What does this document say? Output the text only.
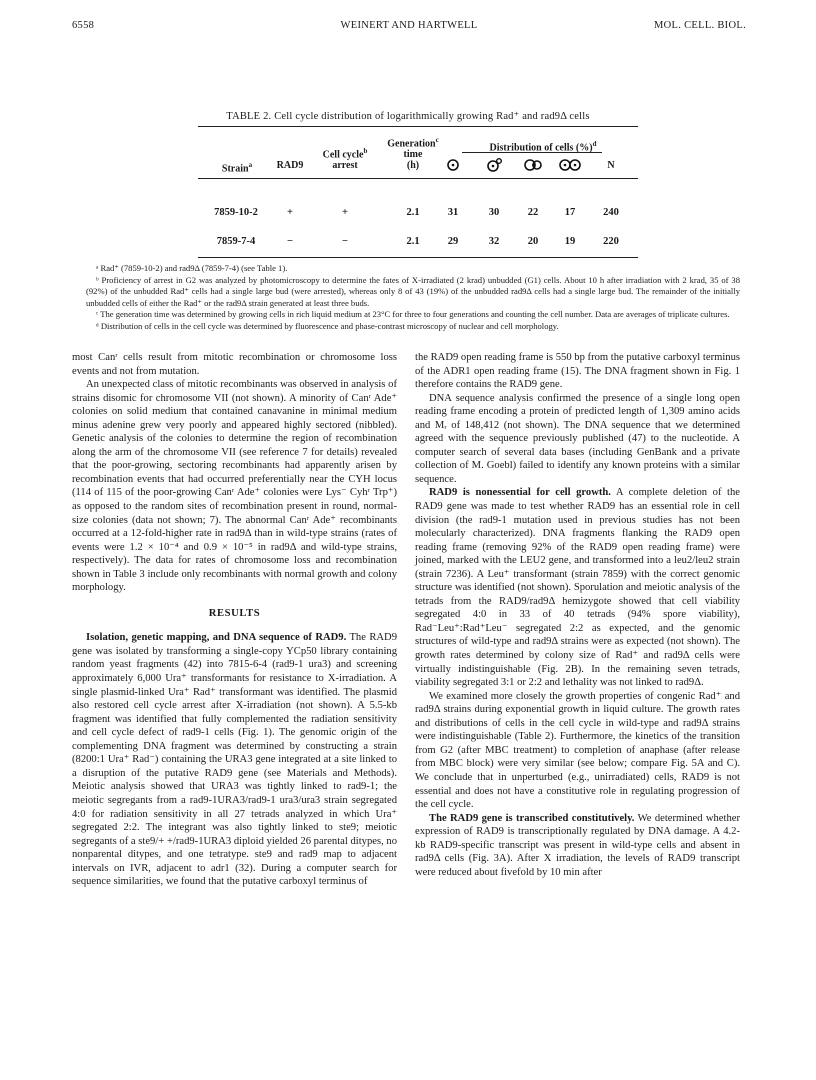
6558	WEINERT AND HARTWELL	MOL. CELL. BIOL.
TABLE 2. Cell cycle distribution of logarithmically growing Rad⁺ and rad9Δ cells
Strain$^a$	RAD9
Cell cycle$^b$
arrest
Generation$^c$
time
(h)
Distribution of cells (%)$^d$
N
7859-10-2	+	+	2.1	31	30	22	17	240
7859-7-4	−	−	2.1	29	32	20	19	220

ᵃ Rad⁺ (7859-10-2) and rad9Δ (7859-7-4) (see Table 1).

ᵇ Proficiency of arrest in G2 was analyzed by photomicroscopy to determine the fates of X-irradiated (2 krad) unbudded (G1) cells. About 10 h after irradiation with 2 krad, 35 of 38 (92%) of the unbudded Rad⁺ cells had a single large bud (were arrested), whereas only 8 of 43 (19%) of the unbudded rad9Δ cells had a single large bud. The remainder of the initially unbudded cells of either the Rad⁺ or the rad9Δ strain generated at least three buds.

ᶜ The generation time was determined by growing cells in rich liquid medium at 23°C for three to four generations and counting the cell number. Data are averages of triplicate cultures.

ᵈ Distribution of cells in the cell cycle was determined by fluorescence and phase-contrast microscopy of nuclear and cell morphology.

most Canʳ cells result from mitotic recombination or chromosome loss events and not from mutation.

An unexpected class of mitotic recombinants was observed in analysis of strains disomic for chromosome VII (not shown). A minority of Canʳ Ade⁺ colonies on solid medium that contained canavanine in minimal medium minus adenine grew very poorly and appeared highly sectored (nibbled). Genetic analysis of the colonies to determine the region of recombination along the arm of the chromosome VII (see reference 7 for details) revealed that the poor-growing, sectoring recombinants had apparently arisen by recombination events that had occurred preferentially near the CYH locus (114 of 115 of the poor-growing Canʳ Ade⁺ colonies were Lys⁻ Cyhʳ Trp⁺) as opposed to the random sites of recombination present in round, normal-size colonies (data not shown; 7). The abnormal Canʳ Ade⁺ recombinants occurred at a 12-fold-higher rate in rad9Δ than in wild-type strains (rates of events were 1.2 × 10⁻⁴ and 0.9 × 10⁻⁵ in rad9Δ and wild-type strains, respectively). The data for rates of chromosome loss and recombination shown in Table 3 include only recombinants with normal growth and colony morphology.

RESULTS

Isolation, genetic mapping, and DNA sequence of RAD9. The RAD9 gene was isolated by transforming a single-copy YCp50 library containing random yeast fragments (42) into 7815-6-4 (rad9-1 ura3) and screening approximately 6,000 Ura⁺ transformants for resistance to X-irradiation. A single plasmid-linked Ura⁺ Rad⁺ transformant was identified. The plasmid also restored cell cycle arrest after X-irradiation (not shown). A 5.5-kb fragment was identified that fully complemented the radiation sensitivity and cell cycle defect of rad9-1 cells (Fig. 1). The genomic origin of the complementing DNA fragment was determined by constructing a strain (8200:1 Ura⁺ Rad⁻) containing the URA3 gene integrated at a site linked to a disruption of the putative RAD9 gene (see Materials and Methods). Meiotic analysis showed that URA3 was tightly linked to rad9-1; the meiotic segregants from a rad9-1URA3/rad9-1 ura3/ura3 strain segregated 4:0 for radiation sensitivity in all 27 tetrads analyzed in which Ura⁺ segregated 2:2. The integrant was also tightly linked to ste9; meiotic segregants of a ste9/+ +/rad9-1URA3 diploid yielded 26 parental ditypes, no nonparental ditypes, and one tetratype. ste9 and rad9 map to adjacent intervals on IVR, adjacent to adr1 (32). During a computer search for sequence similarities, we found that the putative carboxyl terminus of

the RAD9 open reading frame is 550 bp from the putative carboxyl terminus of the ADR1 open reading frame (15). The DNA fragment shown in Fig. 1 therefore contains the RAD9 gene.

DNA sequence analysis confirmed the presence of a single long open reading frame encoding a protein of predicted length of 1,309 amino acids and Mᵣ of 148,412 (not shown). The DNA sequence that we determined agreed with the sequence previously published (47) to the nucleotide. A computer search of several data bases (including GenBank and a private collection of M. Goebl) failed to identify any known proteins with a similar sequence.

RAD9 is nonessential for cell growth. A complete deletion of the RAD9 gene was made to test whether RAD9 has an essential role in cell division (the rad9-1 mutation used in previous studies has not been molecularly characterized). DNA fragments flanking the RAD9 open reading frame (removing 92% of the RAD9 open reading frame) were joined, marked with the LEU2 gene, and transformed into a leu2/leu2 strain (strain 7236). A Leu⁺ transformant (strain 7859) with the correct genomic structure was identified (not shown). Sporulation and meiotic analysis of the tetrads from the RAD9/rad9Δ hemizygote showed that cell viability segregated 4:0 in 33 of 40 tetrads (94% spore viability), Rad⁻Leu⁺:Rad⁺Leu⁻ segregated 2:2 as expected, and the genomic structures of wild-type and rad9Δ strains were as expected (not shown). The growth rates determined by colony size of Rad⁺ and rad9Δ cells were virtually indistinguishable (Fig. 2B). In the remaining seven tetrads, viability segregated 3:1 or 2:2 and lethality was not linked to rad9Δ.

We examined more closely the growth properties of congenic Rad⁺ and rad9Δ strains during exponential growth in liquid culture. The growth rates and distributions of cells in the cell cycle in wild-type and rad9Δ strains were indistinguishable (Table 2). Furthermore, the kinetics of the transition from G2 (after MBC treatment) to completion of anaphase (after release from MBC block) were very similar (see below; compare Fig. 5A and C). We conclude that in unperturbed (e.g., unirradiated) cells, RAD9 is not essential and does not have a constitutive role in regulating progression of the cell cycle.

The RAD9 gene is transcribed constitutively. We determined whether expression of RAD9 is transcriptionally regulated by DNA damage. A 4.2-kb RAD9-specific transcript was present in wild-type cells and absent in rad9Δ cells (Fig. 3A). After X irradiation, the levels of RAD9 transcript were reduced about fivefold by 10 min after
